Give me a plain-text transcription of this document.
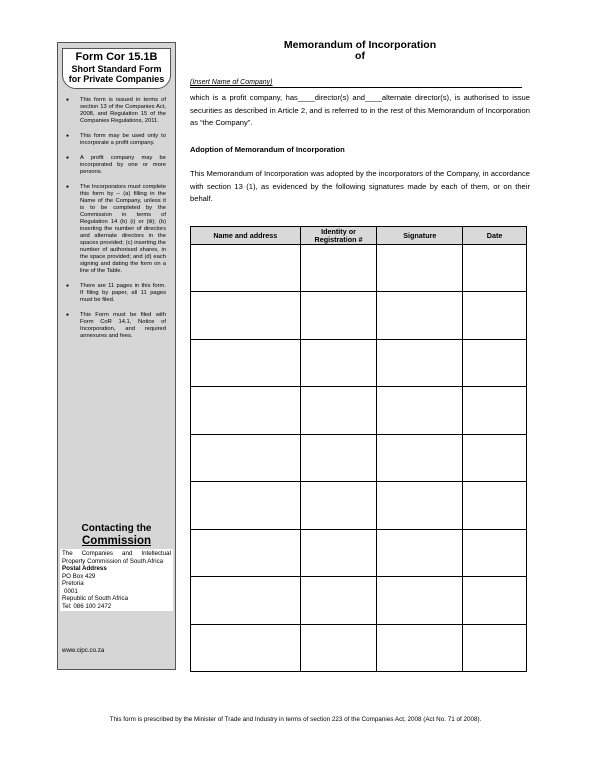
Form Cor 15.1B
Short Standard Form
for Private Companies
● This form is issued in terms of section 13 of the Companies Act, 2008, and Regulation 15 of the Companies Regulations, 2011.
● This form may be used only to incorporate a profit company.
● A profit company may be incorporated by one or more persons.
● The Incorporators must complete this form by – (a) filling in the Name of the Company, unless it is to be completed by the Commission in terms of Regulation 14 (b) (i) or (iii); (b) inserting the number of directors and alternate directors in the spaces provided; (c) inserting the number of authorised shares, in the space provided; and (d) each signing and dating the form on a line of the Table.
● There are 11 pages in this form. If filing by paper, all 11 pages must be filed.
● This Form must be filed with Form CoR 14.1, Notice of Incorporation, and required annexures and fees.
Contacting the
Commission
The Companies and Intellectual Property Commission of South Africa
Postal Address
PO Box 429
Pretoria
0001
Republic of South Africa
Tel: 086 100 2472
www.cipc.co.za
Memorandum of Incorporation
of
(Insert Name of Company)
which is a profit company, has____director(s) and____alternate director(s), is authorised to issue securities as described in Article 2, and is referred to in the rest of this Memorandum of Incorporation as “the Company”.
Adoption of Memorandum of Incorporation
This Memorandum of Incorporation was adopted by the incorporators of the Company, in accordance with section 13 (1), as evidenced by the following signatures made by each of them, or on their behalf.
Name and address	Identity or Registration #	Signature	Date

This form is prescribed by the Minister of Trade and Industry in terms of section 223 of the Companies Act, 2008 (Act No. 71 of 2008).
